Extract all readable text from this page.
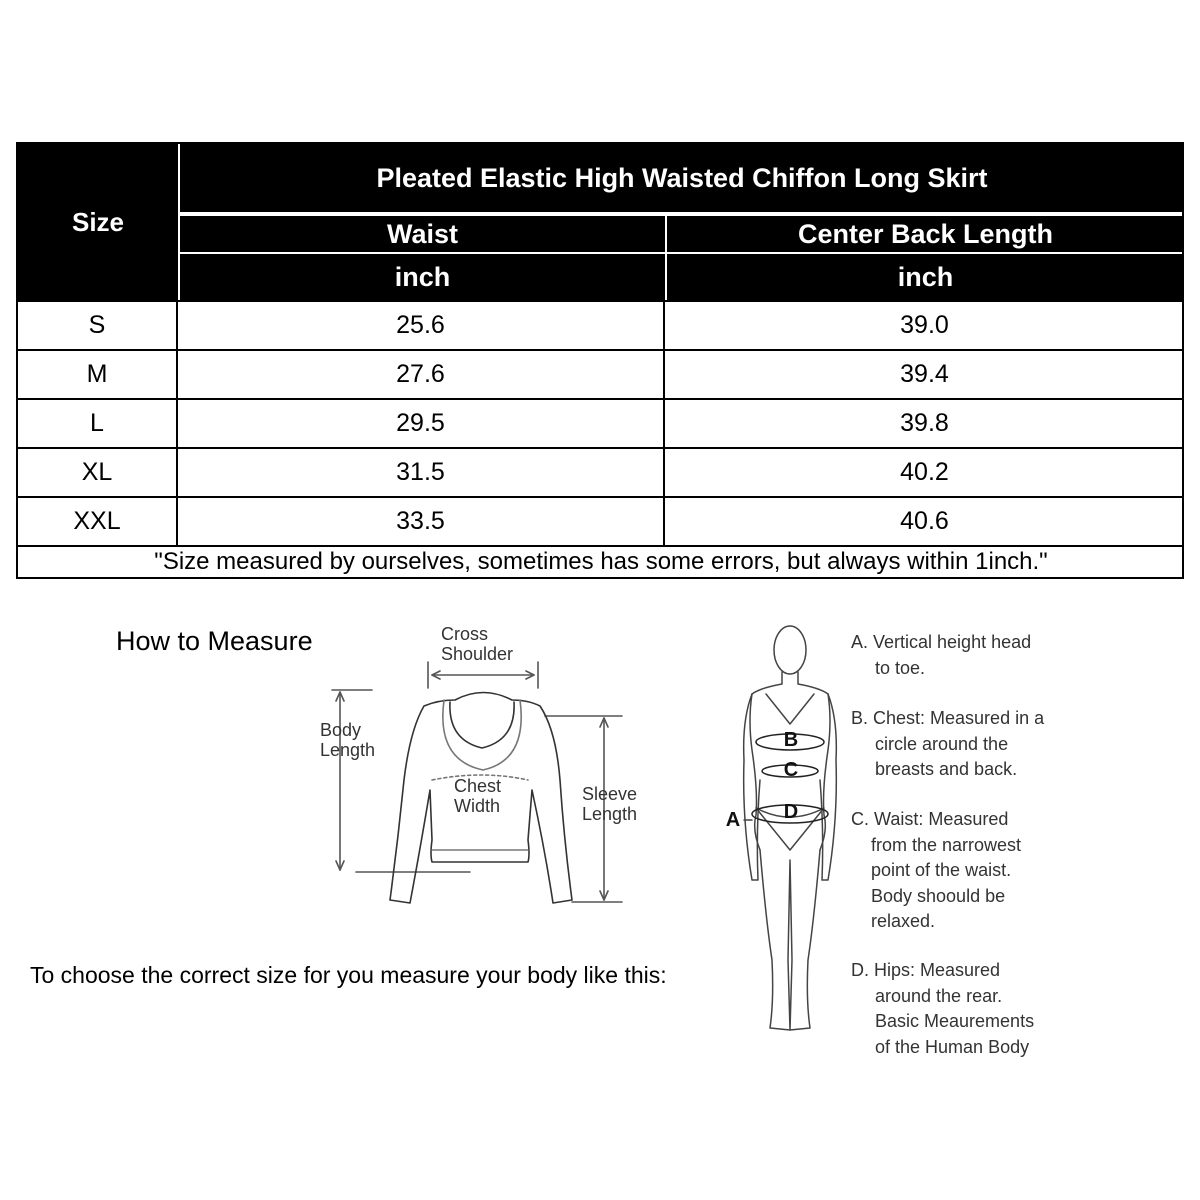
Size
Pleated Elastic High Waisted Chiffon Long Skirt
Waist	Center Back Length
inch	inch
S	25.6	39.0
M	27.6	39.4
L	29.5	39.8
XL	31.5	40.2
XXL	33.5	40.6
"Size measured by ourselves, sometimes has some errors, but always within 1inch."
How to Measure
To choose the correct size for you measure your body like this:
Cross
Shoulder
Body
Length
Chest
Width
Sleeve
Length	A
B
C
D
A. Vertical height head
to toe.
B. Chest: Measured in a
circle around the
breasts and back.
C. Waist: Measured
from the narrowest
point of the waist.
Body shoould be
relaxed.
D. Hips: Measured
around the rear.
Basic Meaurements
of the Human Body
